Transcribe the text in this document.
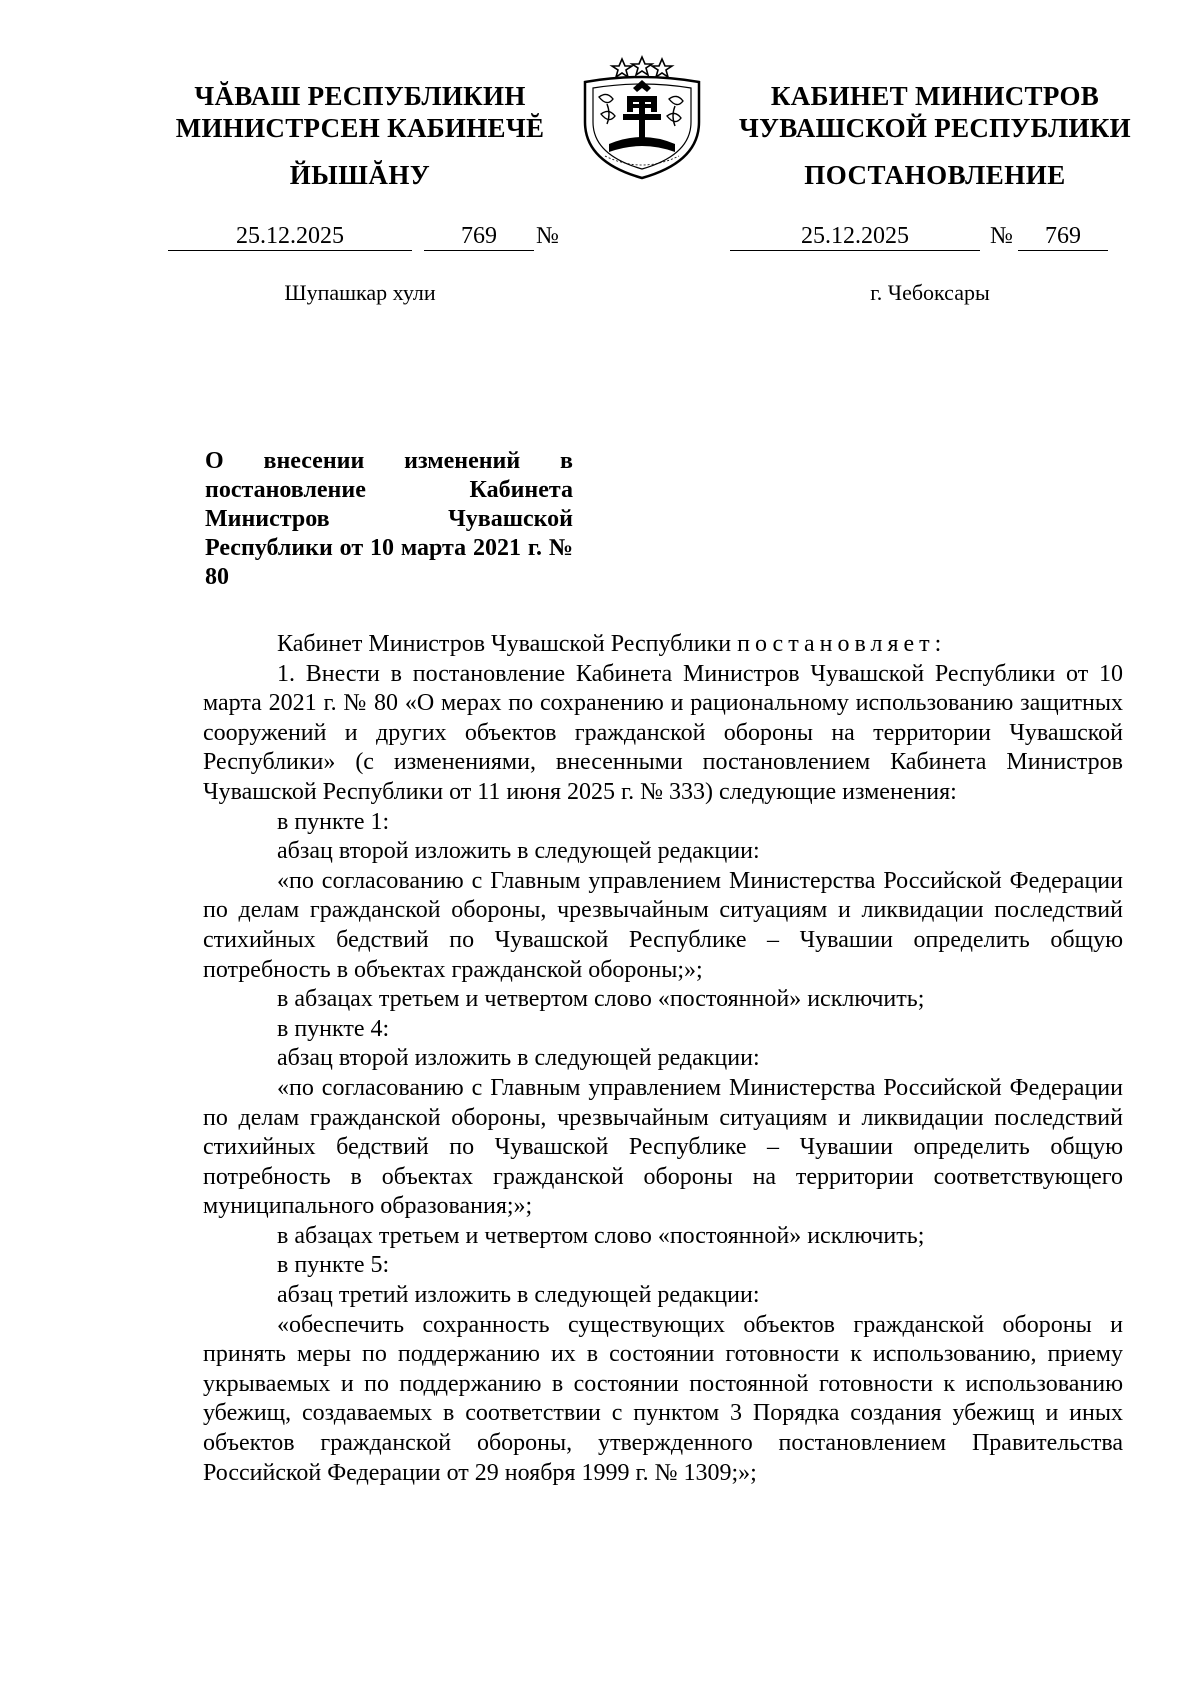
ЧĂВАШ РЕСПУБЛИКИН
МИНИСТРСЕН КАБИНЕЧĔ
ЙЫШĂНУ
КАБИНЕТ МИНИСТРОВ
ЧУВАШСКОЙ РЕСПУБЛИКИ
ПОСТАНОВЛЕНИЕ
25.12.2025	769	№	25.12.2025	№	769
Шупашкар хули	г. Чебоксары
О внесении изменений в постановление Кабинета Министров Чувашской Республики от 10 марта 2021 г. № 80

Кабинет Министров Чувашской Республики постановляет:

1. Внести в постановление Кабинета Министров Чувашской Республики от 10 марта 2021 г. № 80 «О мерах по сохранению и рациональному использованию защитных сооружений и других объектов гражданской обороны на территории Чувашской Республики» (с изменениями, внесенными постановлением Кабинета Министров Чувашской Республики от 11 июня 2025 г. № 333) следующие изменения:

в пункте 1:

абзац второй изложить в следующей редакции:

«по согласованию с Главным управлением Министерства Российской Федерации по делам гражданской обороны, чрезвычайным ситуациям и ликвидации последствий стихийных бедствий по Чувашской Республике – Чувашии определить общую потребность в объектах гражданской обороны;»;

в абзацах третьем и четвертом слово «постоянной» исключить;

в пункте 4:

абзац второй изложить в следующей редакции:

«по согласованию с Главным управлением Министерства Российской Федерации по делам гражданской обороны, чрезвычайным ситуациям и ликвидации последствий стихийных бедствий по Чувашской Республике – Чувашии определить общую потребность в объектах гражданской обороны на территории соответствующего муниципального образования;»;

в абзацах третьем и четвертом слово «постоянной» исключить;

в пункте 5:

абзац третий изложить в следующей редакции:

«обеспечить сохранность существующих объектов гражданской обороны и принять меры по поддержанию их в состоянии готовности к использованию, приему укрываемых и по поддержанию в состоянии постоянной готовности к использованию убежищ, создаваемых в соответствии с пунктом 3 Порядка создания убежищ и иных объектов гражданской обороны, утвержденного постановлением Правительства Российской Федерации от 29 ноября 1999 г. № 1309;»;
